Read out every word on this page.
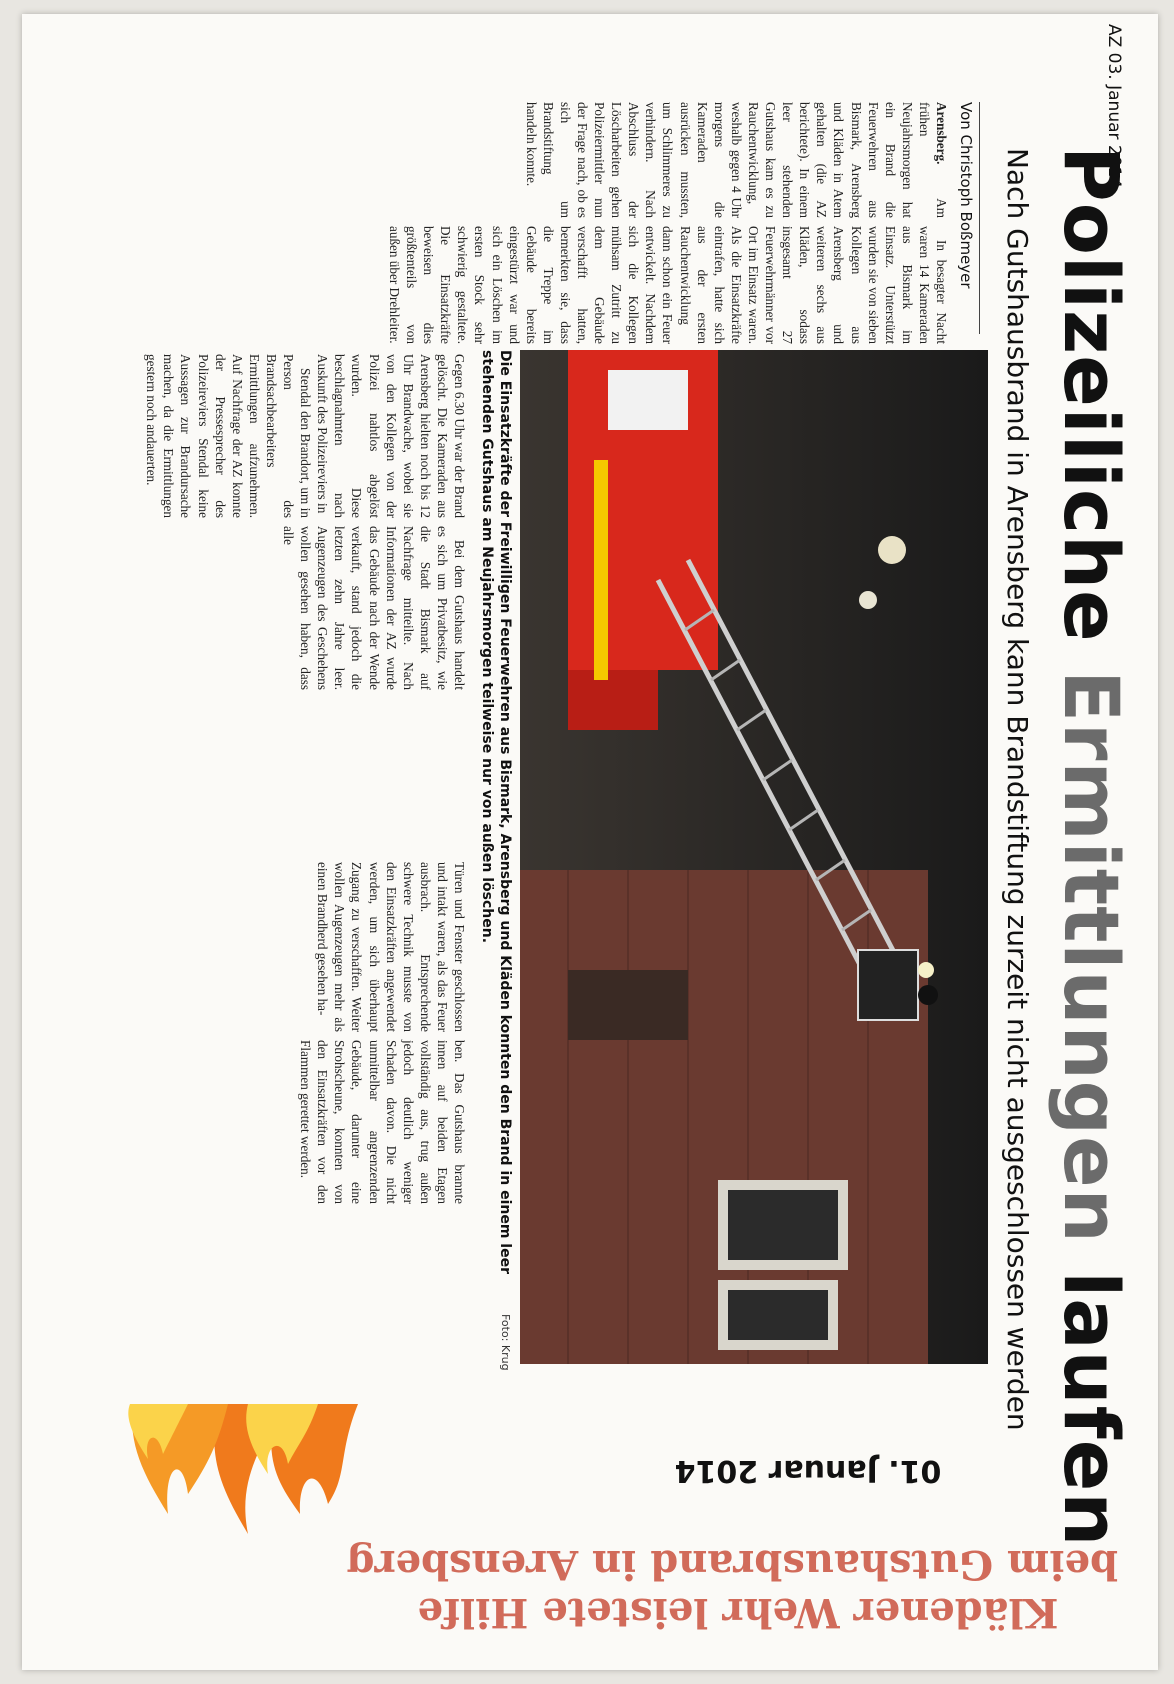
AZ 03. Januar 2014
Polizeiliche Ermittlungen laufen
Nach Gutshausbrand in Arensberg kann Brandstiftung zurzeit nicht ausgeschlossen werden
Von Christoph Boßmeyer

Arensberg. Am frühen Neujahrsmorgen hat ein Brand die Feuerwehren aus Bismark, Arensberg und Kläden in Atem gehalten (die AZ berichtete). In einem leer stehenden Gutshaus kam es zu Rauchentwicklung, weshalb gegen 4 Uhr morgens die Kameraden ausrücken mussten, um Schlimmeres zu verhindern. Nach Abschluss der Löscharbeiten gehen Polizeiermittler nun der Frage nach, ob es sich um Brandstiftung handeln konnte.

In besagter Nacht waren 14 Kameraden aus Bismark im Einsatz. Unterstützt wurden sie von sieben Kollegen aus Arensberg und weiteren sechs aus Kläden, sodass insgesamt 27 Feuerwehrmänner vor Ort im Einsatz waren. Als die Einsatzkräfte eintrafen, hatte sich aus der ersten Rauchentwicklung dann schon ein Feuer entwickelt. Nachdem sich die Kollegen mühsam Zutritt zu dem Gebäude verschafft hatten, bemerkten sie, dass die Treppe im Gebäude bereits eingestürzt war und sich ein Löschen im ersten Stock sehr schwierig gestaltete. Die Einsatzkräfte beweisen dies größtenteils von außen über Drehleiter.

Die Einsatzkräfte der Freiwilligen Feuerwehren aus Bismark, Arensberg und Kläden konnten den Brand in einem leer stehenden Gutshaus am Neujahrsmorgen teilweise nur von außen löschen.
Foto: Krug

Gegen 6.30 Uhr war der Brand gelöscht. Die Kameraden aus Arensberg hielten noch bis 12 Uhr Brandwache, wobei sie von den Kollegen von der Polizei nahtlos abgelöst wurden. Diese beschlagnahmten nach Auskunft des Polizeireviers in

Stendal den Brandort, um in Person des Brandsachbearbeiters Ermittlungen aufzunehmen. Auf Nachfrage der AZ konnte der Pressesprecher des Polizeireviers Stendal keine Aussagen zur Brandursache machen, da die Ermittlungen gestern noch andauerten.

Bei dem Gutshaus handelt es sich um Privatbesitz, wie die Stadt Bismark auf Nachfrage mitteilte. Nach Informationen der AZ wurde das Gebäude nach der Wende verkauft, stand jedoch die letzten zehn Jahre leer. Augenzeugen des Geschehens wollen gesehen haben, dass alle

Türen und Fenster geschlossen und intakt waren, als das Feuer ausbrach. Entsprechende schwere Technik musste von den Einsatzkräften angewendet werden, um sich überhaupt Zugang zu verschaffen. Weiter wollen Augenzeugen mehr als einen Brandherd gesehen ha-

ben. Das Gutshaus brannte innen auf beiden Etagen vollständig aus, trug außen jedoch deutlich weniger Schaden davon. Die nicht unmittelbar angrenzenden Gebäude, darunter eine Strohscheune, konnten von den Einsatzkräften vor den Flammen gerettet werden.

Klädener Wehr leistete Hilfe
beim Gutshausbrand in Arensberg
01. Januar 2014
